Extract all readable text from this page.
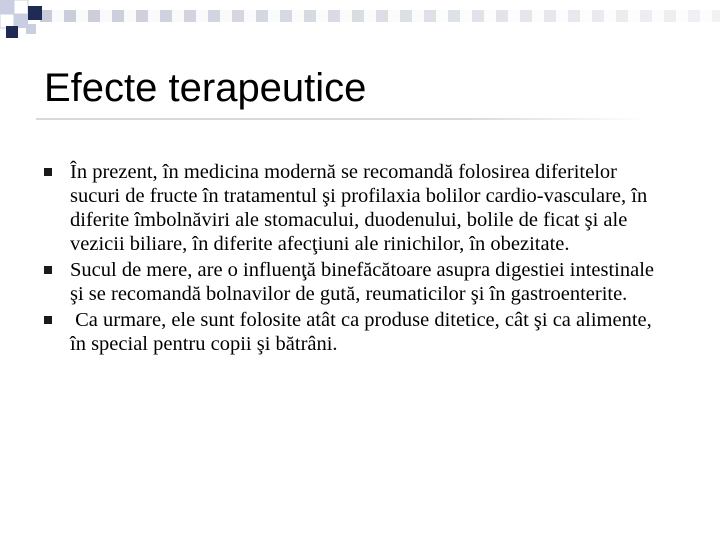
Efecte terapeutice
În prezent, în medicina modernă se recomandă folosirea diferitelor sucuri de fructe în tratamentul şi profilaxia bolilor cardio-vasculare, în diferite îmbolnăviri ale stomacului, duodenului, bolile de ficat şi ale vezicii biliare, în diferite afecţiuni ale rinichilor, în obezitate.
Sucul de mere, are o influenţă binefăcătoare asupra digestiei intestinale şi se recomandă bolnavilor de gută, reumaticilor şi în gastroenterite.
Ca urmare, ele sunt folosite atât ca produse ditetice, cât şi ca alimente, în special pentru copii şi bătrâni.
